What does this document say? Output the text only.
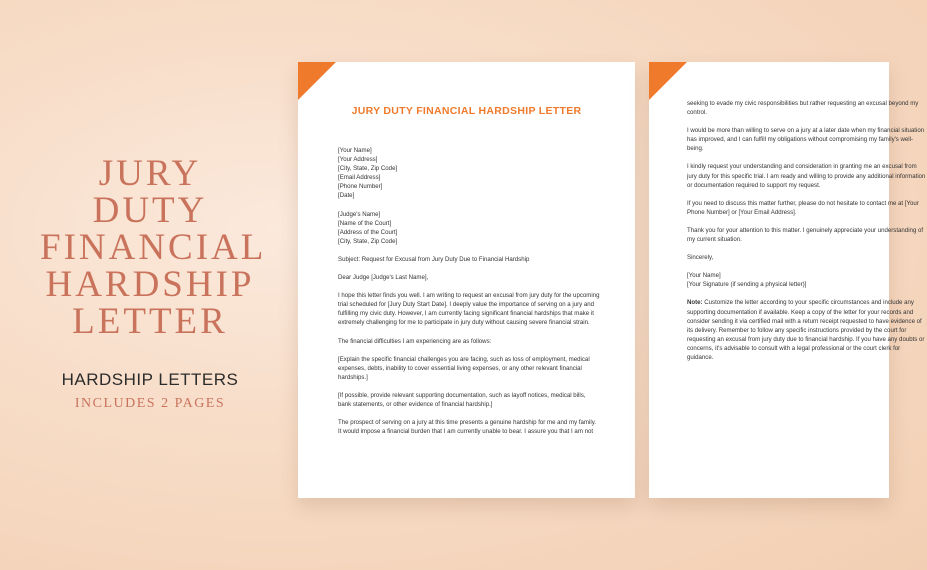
JURY DUTY
FINANCIAL
HARDSHIP
LETTER
HARDSHIP LETTERS
INCLUDES 2 PAGES
JURY DUTY FINANCIAL HARDSHIP LETTER

[Your Name]
[Your Address]
[City, State, Zip Code]
[Email Address]
[Phone Number]
[Date]

[Judge's Name]
[Name of the Court]
[Address of the Court]
[City, State, Zip Code]

Subject: Request for Excusal from Jury Duty Due to Financial Hardship

Dear Judge [Judge's Last Name],

I hope this letter finds you well. I am writing to request an excusal from jury duty for the upcoming trial scheduled for [Jury Duty Start Date]. I deeply value the importance of serving on a jury and fulfilling my civic duty. However, I am currently facing significant financial hardships that make it extremely challenging for me to participate in jury duty without causing severe financial strain.

The financial difficulties I am experiencing are as follows:

[Explain the specific financial challenges you are facing, such as loss of employment, medical expenses, debts, inability to cover essential living expenses, or any other relevant financial hardships.]

[If possible, provide relevant supporting documentation, such as layoff notices, medical bills, bank statements, or other evidence of financial hardship.]

The prospect of serving on a jury at this time presents a genuine hardship for me and my family. It would impose a financial burden that I am currently unable to bear. I assure you that I am not

seeking to evade my civic responsibilities but rather requesting an excusal beyond my control.

I would be more than willing to serve on a jury at a later date when my financial situation has improved, and I can fulfill my obligations without compromising my family's well-being.

I kindly request your understanding and consideration in granting me an excusal from jury duty for this specific trial. I am ready and willing to provide any additional information or documentation required to support my request.

If you need to discuss this matter further, please do not hesitate to contact me at [Your Phone Number] or [Your Email Address].

Thank you for your attention to this matter. I genuinely appreciate your understanding of my current situation.

Sincerely,

[Your Name]
[Your Signature (if sending a physical letter)]

Note: Customize the letter according to your specific circumstances and include any supporting documentation if available. Keep a copy of the letter for your records and consider sending it via certified mail with a return receipt requested to have evidence of its delivery. Remember to follow any specific instructions provided by the court for requesting an excusal from jury duty due to financial hardship. If you have any doubts or concerns, it's advisable to consult with a legal professional or the court clerk for guidance.
